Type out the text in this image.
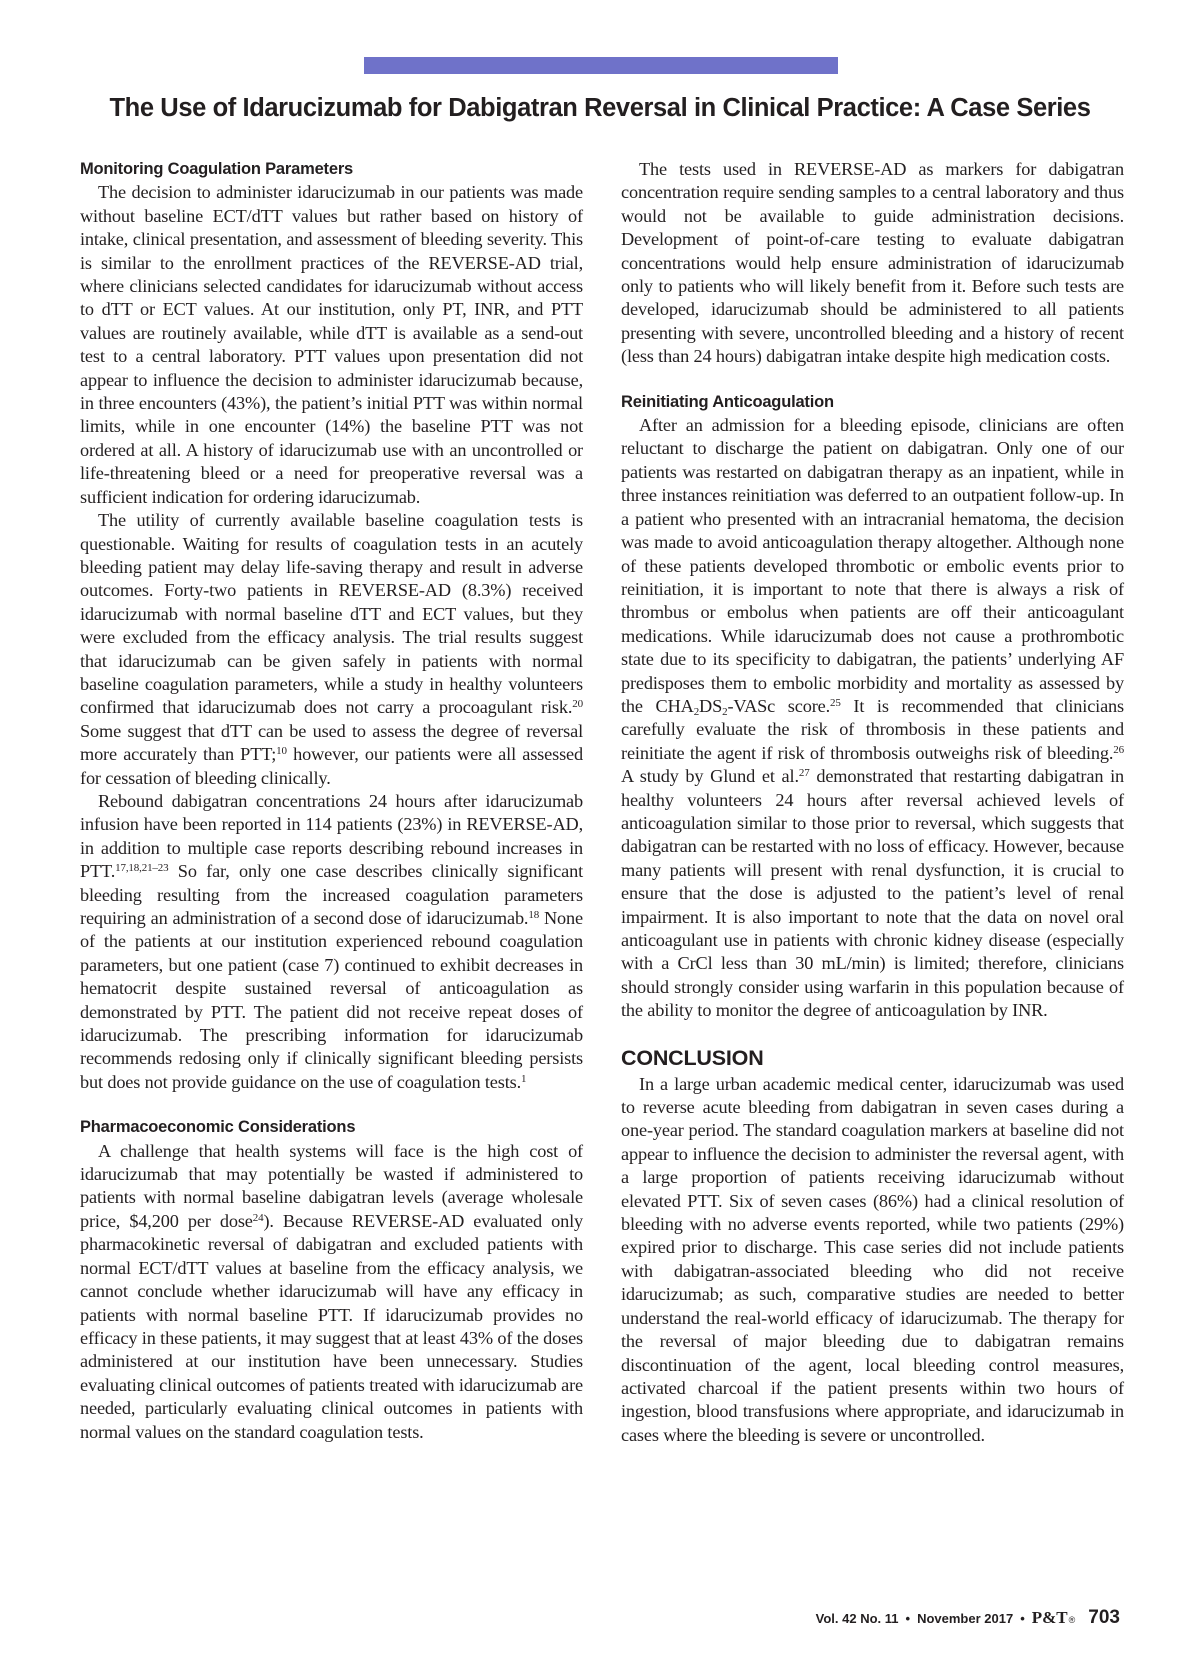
The Use of Idarucizumab for Dabigatran Reversal in Clinical Practice: A Case Series
Monitoring Coagulation Parameters

The decision to administer idarucizumab in our patients was made without baseline ECT/dTT values but rather based on history of intake, clinical presentation, and assessment of bleeding severity. This is similar to the enrollment practices of the REVERSE-AD trial, where clinicians selected candidates for idarucizumab without access to dTT or ECT values. At our institution, only PT, INR, and PTT values are routinely available, while dTT is available as a send-out test to a central laboratory. PTT values upon presentation did not appear to influence the decision to administer idarucizumab because, in three encounters (43%), the patient’s initial PTT was within normal limits, while in one encounter (14%) the baseline PTT was not ordered at all. A history of idarucizumab use with an uncontrolled or life-threatening bleed or a need for preoperative reversal was a sufficient indication for ordering idarucizumab.

The utility of currently available baseline coagulation tests is questionable. Waiting for results of coagulation tests in an acutely bleeding patient may delay life-saving therapy and result in adverse outcomes. Forty-two patients in REVERSE-AD (8.3%) received idarucizumab with normal baseline dTT and ECT values, but they were excluded from the efficacy analysis. The trial results suggest that idarucizumab can be given safely in patients with normal baseline coagulation parameters, while a study in healthy volunteers confirmed that idarucizumab does not carry a procoagulant risk.$^{20}$ Some suggest that dTT can be used to assess the degree of reversal more accurately than PTT;$^{10}$ however, our patients were all assessed for cessation of bleeding clinically.

Rebound dabigatran concentrations 24 hours after idarucizumab infusion have been reported in 114 patients (23%) in REVERSE-AD, in addition to multiple case reports describing rebound increases in PTT.$^{17,18,21-23}$ So far, only one case describes clinically significant bleeding resulting from the increased coagulation parameters requiring an administration of a second dose of idarucizumab.$^{18}$ None of the patients at our institution experienced rebound coagulation parameters, but one patient (case 7) continued to exhibit decreases in hematocrit despite sustained reversal of anticoagulation as demonstrated by PTT. The patient did not receive repeat doses of idarucizumab. The prescribing information for idarucizumab recommends redosing only if clinically significant bleeding persists but does not provide guidance on the use of coagulation tests.$^1$

Pharmacoeconomic Considerations

A challenge that health systems will face is the high cost of idarucizumab that may potentially be wasted if administered to patients with normal baseline dabigatran levels (average wholesale price, $4,200 per dose$^{24}$). Because REVERSE-AD evaluated only pharmacokinetic reversal of dabigatran and excluded patients with normal ECT/dTT values at baseline from the efficacy analysis, we cannot conclude whether idarucizumab will have any efficacy in patients with normal baseline PTT. If idarucizumab provides no efficacy in these patients, it may suggest that at least 43% of the doses administered at our institution have been unnecessary. Studies evaluating clinical outcomes of patients treated with idarucizumab are needed, particularly evaluating clinical outcomes in patients with normal values on the standard coagulation tests.

The tests used in REVERSE-AD as markers for dabigatran concentration require sending samples to a central laboratory and thus would not be available to guide administration decisions. Development of point-of-care testing to evaluate dabigatran concentrations would help ensure administration of idarucizumab only to patients who will likely benefit from it. Before such tests are developed, idarucizumab should be administered to all patients presenting with severe, uncontrolled bleeding and a history of recent (less than 24 hours) dabigatran intake despite high medication costs.

Reinitiating Anticoagulation

After an admission for a bleeding episode, clinicians are often reluctant to discharge the patient on dabigatran. Only one of our patients was restarted on dabigatran therapy as an inpatient, while in three instances reinitiation was deferred to an outpatient follow-up. In a patient who presented with an intracranial hematoma, the decision was made to avoid anticoagulation therapy altogether. Although none of these patients developed thrombotic or embolic events prior to reinitiation, it is important to note that there is always a risk of thrombus or embolus when patients are off their anticoagulant medications. While idarucizumab does not cause a prothrombotic state due to its specificity to dabigatran, the patients’ underlying AF predisposes them to embolic morbidity and mortality as assessed by the $CHA_2DS_2$-VASc score.$^{25}$ It is recommended that clinicians carefully evaluate the risk of thrombosis in these patients and reinitiate the agent if risk of thrombosis outweighs risk of bleeding.$^{26}$ A study by Glund et al.$^{27}$ demonstrated that restarting dabigatran in healthy volunteers 24 hours after reversal achieved levels of anticoagulation similar to those prior to reversal, which suggests that dabigatran can be restarted with no loss of efficacy. However, because many patients will present with renal dysfunction, it is crucial to ensure that the dose is adjusted to the patient’s level of renal impairment. It is also important to note that the data on novel oral anticoagulant use in patients with chronic kidney disease (especially with a CrCl less than 30 mL/min) is limited; therefore, clinicians should strongly consider using warfarin in this population because of the ability to monitor the degree of anticoagulation by INR.

CONCLUSION

In a large urban academic medical center, idarucizumab was used to reverse acute bleeding from dabigatran in seven cases during a one-year period. The standard coagulation markers at baseline did not appear to influence the decision to administer the reversal agent, with a large proportion of patients receiving idarucizumab without elevated PTT. Six of seven cases (86%) had a clinical resolution of bleeding with no adverse events reported, while two patients (29%) expired prior to discharge. This case series did not include patients with dabigatran-associated bleeding who did not receive idarucizumab; as such, comparative studies are needed to better understand the real-world efficacy of idarucizumab. The therapy for the reversal of major bleeding due to dabigatran remains discontinuation of the agent, local bleeding control measures, activated charcoal if the patient presents within two hours of ingestion, blood transfusions where appropriate, and idarucizumab in cases where the bleeding is severe or uncontrolled.

Vol. 42 No. 11 • November 2017 • P&T ® 703
